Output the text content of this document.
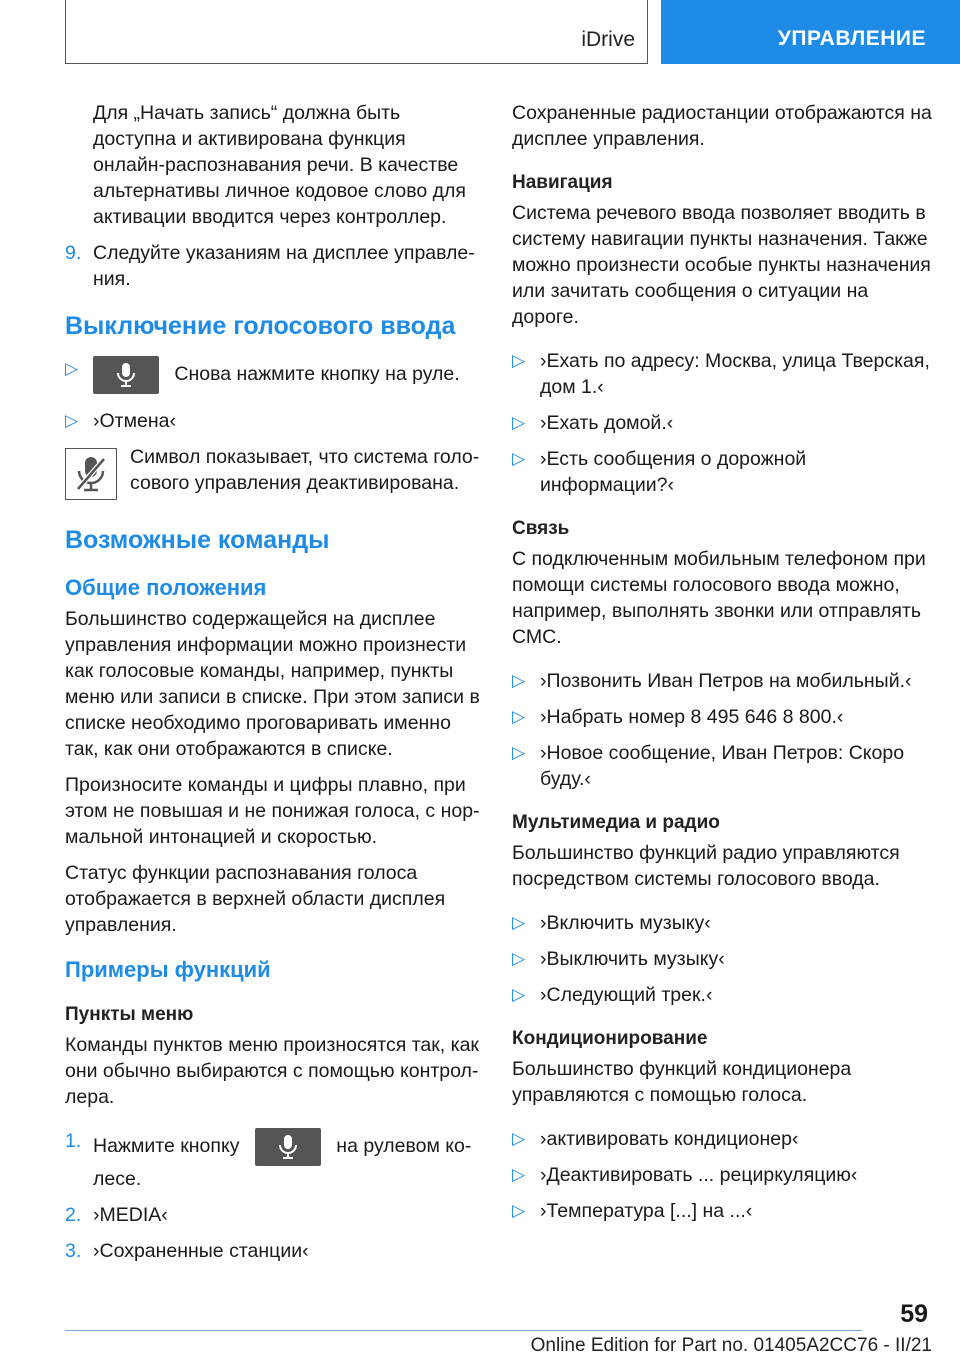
iDrive	УПРАВЛЕНИЕ

Для „Начать запись“ должна быть доступна и активирована функция онлайн-распознавания речи. В качестве альтернативы личное кодовое слово для активации вводится через контроллер.

9. Следуйте указаниям на дисплее управления.
Выключение голосового ввода
▷	Снова нажмите кнопку на руле.
▷ ›Отмена‹

Символ показывает, что система голосового управления деактивирована.

Возможные команды
Общие положения

Большинство содержащейся на дисплее управления информации можно произнести как голосовые команды, например, пункты меню или записи в списке. При этом записи в списке необходимо проговаривать именно так, как они отображаются в списке.

Произносите команды и цифры плавно, при этом не повышая и не понижая голоса, с нормальной интонацией и скоростью.

Статус функции распознавания голоса отображается в верхней области дисплея управления.

Примеры функций
Пункты меню

Команды пунктов меню произносятся так, как они обычно выбираются с помощью контроллера.

1. Нажмите кнопку	на рулевом колесе.
2. ›MEDIA‹
3. ›Сохраненные станции‹

Сохраненные радиостанции отображаются на дисплее управления.

Навигация

Система речевого ввода позволяет вводить в систему навигации пункты назначения. Также можно произнести особые пункты назначения или зачитать сообщения о ситуации на дороге.

▷ ›Ехать по адресу: Москва, улица Тверская, дом 1.‹
▷ ›Ехать домой.‹
▷ ›Есть сообщения о дорожной информации?‹
Связь

С подключенным мобильным телефоном при помощи системы голосового ввода можно, например, выполнять звонки или отправлять СМС.

▷ ›Позвонить Иван Петров на мобильный.‹
▷ ›Набрать номер 8 495 646 8 800.‹
▷ ›Новое сообщение, Иван Петров: Скоро буду.‹
Мультимедиа и радио

Большинство функций радио управляются посредством системы голосового ввода.

▷ ›Включить музыку‹
▷ ›Выключить музыку‹
▷ ›Следующий трек.‹
Кондиционирование

Большинство функций кондиционера управляются с помощью голоса.

▷ ›активировать кондиционер‹
▷ ›Деактивировать ... рециркуляцию‹
▷ ›Температура [...] на ...‹
59
Online Edition for Part no. 01405A2CC76 - II/21
